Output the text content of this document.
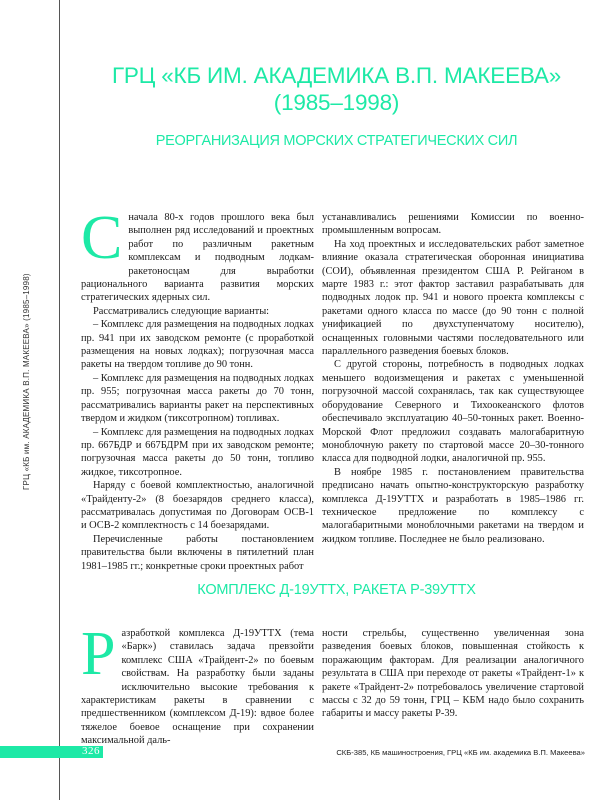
ГРЦ «КБ им. АКАДЕМИКА В.П. МАКЕЕВА» (1985–1998)
ГРЦ «КБ ИМ. АКАДЕМИКА В.П. МАКЕЕВА»
(1985–1998)
РЕОРГАНИЗАЦИЯ МОРСКИХ СТРАТЕГИЧЕСКИХ СИЛ

Сначала 80-х годов прошлого века был выполнен ряд исследований и проектных работ по различным ракетным комплексам и подводным лодкам-ракетоносцам для выработки рационального варианта развития морских стратегических ядерных сил.

Рассматривались следующие варианты:

– Комплекс для размещения на подводных лодках пр. 941 при их заводском ремонте (с проработкой размещения на новых лодках); погрузочная масса ракеты на твердом топливе до 90 тонн.

– Комплекс для размещения на подводных лодках пр. 955; погрузочная масса ракеты до 70 тонн, рассматривались варианты ракет на перспективных твердом и жидком (тиксотропном) топливах.

– Комплекс для размещения на подводных лодках пр. 667БДР и 667БДРМ при их заводском ремонте; погрузочная масса ракеты до 50 тонн, топливо жидкое, тиксотропное.

Наряду с боевой комплектностью, аналогичной «Трайденту-2» (8 боезарядов среднего класса), рассматривалась допустимая по Договорам ОСВ-1 и ОСВ-2 комплектность с 14 боезарядами.

Перечисленные работы постановлением правительства были включены в пятилетний план 1981–1985 гг.; конкретные сроки проектных работ

устанавливались решениями Комиссии по военно-промышленным вопросам.

На ход проектных и исследовательских работ заметное влияние оказала стратегическая оборонная инициатива (СОИ), объявленная президентом США Р. Рейганом в марте 1983 г.: этот фактор заставил разрабатывать для подводных лодок пр. 941 и нового проекта комплексы с ракетами одного класса по массе (до 90 тонн с полной унификацией по двухступенчатому носителю), оснащенных головными частями последовательного или параллельного разведения боевых блоков.

С другой стороны, потребность в подводных лодках меньшего водоизмещения и ракетах с уменьшенной погрузочной массой сохранялась, так как существующее оборудование Северного и Тихоокеанского флотов обеспечивало эксплуатацию 40–50-тонных ракет. Военно-Морской Флот предложил создавать малогабаритную моноблочную ракету по стартовой массе 20–30-тонного класса для подводной лодки, аналогичной пр. 955.

В ноябре 1985 г. постановлением правительства предписано начать опытно-конструкторскую разработку комплекса Д-19УТТХ и разработать в 1985–1986 гг. техническое предложение по комплексу с малогабаритными моноблочными ракетами на твердом и жидком топливе. Последнее не было реализовано.

КОМПЛЕКС Д-19УТТХ, РАКЕТА Р-39УТТХ

Разработкой комплекса Д-19УТТХ (тема «Барк») ставилась задача превзойти комплекс США «Трайдент-2» по боевым свойствам. На разработку были заданы исключительно высокие требования к характеристикам ракеты в сравнении с предшественником (комплексом Д-19): вдвое более тяжелое боевое оснащение при сохранении максимальной даль-

ности стрельбы, существенно увеличенная зона разведения боевых блоков, повышенная стойкость к поражающим факторам. Для реализации аналогичного результата в США при переходе от ракеты «Трайдент-1» к ракете «Трайдент-2» потребовалось увеличение стартовой массы с 32 до 59 тонн, ГРЦ – КБМ надо было сохранить габариты и массу ракеты Р-39.

326	СКБ-385, КБ машиностроения, ГРЦ «КБ им. академика В.П. Макеева»
